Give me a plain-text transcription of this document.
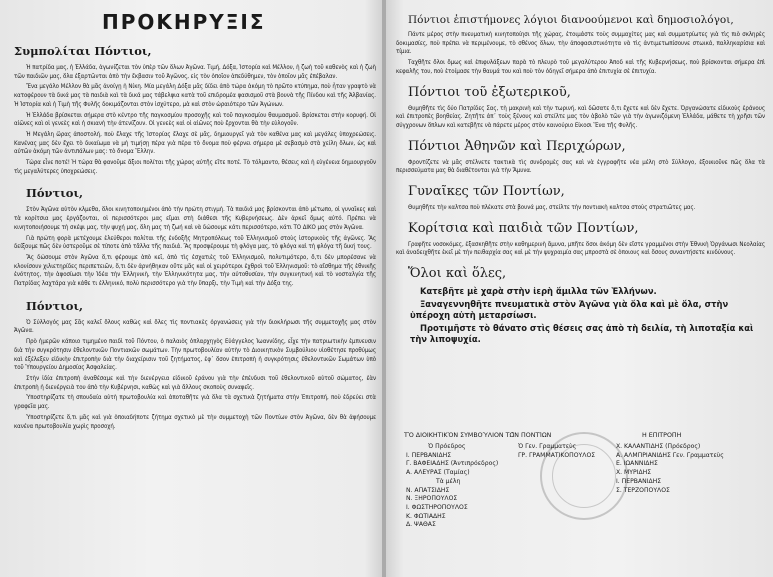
ΠΡΟΚΗΡΥΞΙΣ
Συμπολίται Πόντιοι,

Ἡ πατρίδα μας, ἡ Ἑλλάδα, ἀγωνίζεται τὸν ὑπὲρ τῶν ὅλων Ἀγῶνα. Τιμή, Δόξα, Ἱστορία καὶ Μέλλον, ἡ ζωὴ τοῦ καθενὸς καὶ ἡ ζωὴ τῶν παιδιῶν μας, ὅλα ἐξαρτῶνται ἀπὸ τὴν ἔκβασιν τοῦ Ἀγῶνος, εἰς τὸν ὁποῖον ἀπεδύθημεν, τὸν ὁποῖον μᾶς ἐπέβαλαν.

Ἕνα μεγάλο Μέλλον θὰ μᾶς ἀνοίγῃ ἡ Νίκη. Μία μεγάλη Δόξα μᾶς δίδει ἀπὸ τώρα ἀκόμη τὸ πρῶτο κτύπημα, ποὺ ἦταν γραφτὸ νὰ κατοφέρουν τὰ δικά μας τὰ παιδιὰ καὶ τὰ δικά μας τάβελφια κατὰ τοῦ επιδρομέα φασισμοῦ στὰ βουνὰ τῆς Πίνδου καὶ τῆς Ἀλβανίας. Ἡ Ἱστορία καὶ ἡ Τιμὴ τῆς Φυλῆς δοκιμάζονται στὸν ἰσχύτερο, μὰ καὶ στὸν ὡραιότερο τῶν Ἀγώνων.

Ἡ Ἑλλάδα βρίσκεται σήμερα στὸ κέντρο τῆς παγκοσμίου προσοχῆς καὶ τοῦ παγκοσμίου θαυμασμοῦ. Βρίσκεται στὴν κορυφή. Οἱ αἰῶνες καὶ οἱ γενεὲς καὶ ἡ σκιανὴ τὴν ἀτενίζουν. Οἱ γενεὲς καὶ οἱ αἰῶνες ποὺ ἔρχονται θὰ τὴν εὐλογοῦν.

Ἡ Μεγάλη ὥρας ἀποστολή, ποὺ ἔλαχε τῆς Ἱστορίας ἔλαχε σὲ μᾶς, δημιουργεῖ γιὰ τὸν καθένα μας καὶ μεγάλες ὑποχρεώσεις. Κανένας μας δὲν ἔχει τὸ δικαίωμα νὰ μὴ τιμήσῃ πέρα γιὰ πέρα τὸ ὄνομα ποὺ φέρνει σήμερα μὲ σεβασμὸ στὰ χείλη ὅλων, ὡς καὶ αὐτῶν ἀκόμη τῶν ἀντιπάλων μας: τὸ ὄνομα Ἕλλην.

Τώρα εἶνε ποτέ! Ἡ τώρα θὰ φανοῦμε ἄξιοι πολίται τῆς χώρας αὐτῆς εἴτε ποτέ. Τὸ τόλμαντο, θέσεις καὶ ἡ εὐγένεια δημιουργοῦν τὶς μεγαλύτερες ὑποχρεώσεις.

Πόντιοι,

Στὸν Ἀγῶνα αὐτὸν κλμεθα, ὅλοι κινητοποιημένοι ἀπὸ τὴν πρώτη στιγμὴ. Τὰ παιδιά μας βρίσκονται ἀπὸ μέτωπο, οἱ γυναῖκες καὶ τὰ κορίτσια μας ἐργάζονται, οἱ περισσότεροι μας εἴμαι στὴ διάθεσι τῆς Κυβερνήσεως. Δὲν ἀρκεῖ ὅμως αὐτό. Πρέπει νὰ κινητοποιήσουμε τὴ σκέψι μας, τὴν ψυχή μας, ὅλη μας τὴ ζωή καὶ νὰ δώσουμε κάτι περισσότερο, κάτι ΤΟ ΔΙΚΟ μας στὸν Ἀγῶνα.

Γιὰ πρώτη φορὰ μετέχουμε ἐλεύθεροι πολίται τῆς ἐνδοξῆς Μητροπόλεως τοῦ Ἑλληνισμοῦ στοὺς ἱστορικοὺς τῆς ἀγῶνες. Ἂς δείξουμε πῶς δὲν ὑστεροῦμε σὲ τίποτε ἀπὸ τἄλλα τῆς παιδιά. Ἂς προσφέρουμε τὴ φλόγα μας, τὸ φλόγα καὶ τὴ φλόγα τῆ δική τους.

Ἂς δώσουμε στὸν Ἀγῶνα ὅ,τι φέρουμε ἀπὸ κεῖ, ἀπὸ τὶς ἐσχατιὲς τοῦ Ἑλληνισμοῦ, πολυτιμότερο, ὅ,τι δὲν μπορέσανε νὰ κλονίσουν χιλιετηρίδες περιπετειῶν, ὅ,τι δὲν ἀρνήθηκαν οὔτε μᾶς καὶ οἱ χειρότεροι ἐχθροὶ τοῦ Ἑλληνισμοῦ: τὸ αἴσθημα τῆς ἐθνικῆς ἑνότητος, τὴν ἀφοσίωσι τὴν Ἰδέα τὴν Ἑλληνικὴ, τὴν Ἑλληνικότητα μας, τὴν αὐτοθυσίαν, τὴν συγκινητική καὶ τὸ νοσταλγία τῆς Πατρίδας λαχτάρα γιὰ κάθε τι ἑλληνικό, πολὺ περισσότερο γιὰ τὴν ὕπαρξι, τὴν Τιμὴ καὶ τὴν Δόξα της.

Πόντιοι,

Ὁ Σύλλογός μας Σᾶς καλεῖ ὅλους καθὼς καὶ ὅλες τὶς ποντιακὲς ὀργανώσεις γιὰ τὴν διοκλήρωσι τῆς συμμετοχῆς μας στὸν Ἀγῶνα.

Πρὸ ἡμερῶν κάποιο τιμημένο παιδὶ τοῦ Πόντου, ὁ παλαιὸς ὁπλαρχηγὸς Εὐάγγελος Ἰωαννίδης, εἶχε τὴν πατριωτικὴν ἐμπνευσιν διὰ τὴν συγκρότησιν ἐθελοντικῶν Ποντιακῶν σωμάτων. Τὴν πρωτοβουλίαν αὐτὴν τὸ Διοικητικὸν Συμβούλιον υἱοθέτησε προθύμως καὶ ἐξέλεξεν εἰδικὴν ἐπιτροπὴν διὰ τὴν διαχείρισιν τοῦ ζητήματος, ἐφ᾽ ὅσον ἐπιτροπὴ ἡ συγκρότησις ἐθελοντικῶν Σωμάτων ὑπὸ τοῦ Ὑπουργείου Δημοσίας Ἀσφαλείας.

Στὴν ἰδία ἐπιτροπὴ ἀναθέσαμε καὶ τὴν διενέργεια εἰδικοῦ ἐράνου γιὰ τὴν ἐπένδυσι τοῦ ἐθελοντικοῦ αὐτοῦ σώματος, ἐὰν ἐπιτροπὴ ἡ διενέργειὰ του ἀπὸ τὴν Κυβέρνησι, καθὼς καὶ γιὰ ἄλλους σκοποὺς συναφεῖς.

Ὑποστηρίζατε τὴ σπουδαία αὐτὴ πρωτοβουλία καὶ ἀποταθῆτε γιὰ ὅλα τὰ σχετικὰ ζητήματα στὴν Ἐπιτροπή, ποὺ ἑδρεύει στὰ γραφεῖα μας.

Ὑποστηρίζετε ὅ,τι μᾶς καὶ γιὰ ὁποιαδήποτε ζήτημα σχετικὸ μὲ τὴν συμμετοχὴ τῶν Ποντίων στὸν Ἀγῶνα, δὲν θὰ ἀφήσουμε κανένα πρωτοβουλία χωρὶς προσοχή.

Πόντιοι ἐπιστήμονες λόγιοι διανοούμενοι καὶ δημοσιολόγοι,

Πάντε μέρος στὴν πνευματικὴ κινητοποίησι τῆς χώρας, ἑτοιμάστε τοὺς συμμαχίτες μας καὶ συμματρίωτες γιὰ τὶς πιὸ σκληρὲς δοκιμασίες, ποὺ πρέπει νὰ περιμένουμε, τὸ σθένος ὅλων, τὴν ἀποφασιστικότητα νὰ τὶς ἀντιμετωπίσουνε στωικά, παλληκαρίσια καὶ τίμια.

Ταχθῆτε ὅλοι ὅμως καὶ ἐπιφυλάξεων παρὰ τὸ πλευρὸ τοῦ μεγαλύτερου Ἀποδ καὶ τῆς Κυβερνήσεως, ποὺ βρίσκονται σήμερα ἐπὶ κεφαλῆς του, ποὺ ἐτοίμασε τὴν θαυμά του καὶ ποὺ τὸν ὁδηγεῖ σήμερα ἀπὸ ἐπιτυχία σὲ ἐπιτυχία.

Πόντιοι τοῦ ἐξωτερικοῦ,

Θυμηθῆτε τὶς δύο Πατρίδες Σας, τὴ μακρινὴ καὶ τὴν τωρινή, καὶ δῶσατε ὅ,τι ἔχετε καὶ δὲν ἔχετε. Ὀργανώσατε εἰδικοὺς ἐράνους καὶ ἐπιτροπὲς βοηθείας. Ζητῆτε ἀπ᾽ τοὺς ξένους καὶ στείλτε μας τὸν ἀβολὸ τῶν γιὰ τὴν ἀγωνιζόμενη Ἑλλάδα, μάθετε τὴ χρῆσι τῶν σύγχρονων ὅπλων καὶ κατεβῆτε νὰ πάρετε μέρος στὸν καινούριο Εἰκοσι Ἕνα τῆς Φυλῆς.

Πόντιοι Ἀθηνῶν καὶ Περιχώρων,

Φροντίζετε νὰ μᾶς στέλνετε τακτικὰ τὶς συνδρομὲς σας καὶ νὰ ἐγγραφῆτε νέα μέλη στὸ Σύλλογο, ἐξοικιοῦνε πῶς ὅλα τὰ περισσεύματα μας θὰ διαθέτονται γιὰ τὴν Ἄμυνα.

Γυναῖκες τῶν Ποντίων,

Θυμηθῆτε τὴν καλτσα ποὺ πλέκατε στὰ βουνά μας, στείλτε τὴν ποντιακὴ καλτσα στοὺς στρατιῶτες μας.

Κορίτσια καὶ παιδιὰ τῶν Ποντίων,

Γραφῆτε νοσοκόμες, ἐξασκηθῆτε στὴν καθημερινὴ ἄμυνα, μπῆτε ὅσοι ἀκόμη δὲν εἴστε γραμμένοι στὴν Ἐθνικὴ Ὀργάνωσι Νεολαίας καὶ ἀναδειχθῆτε ἐκεῖ μὲ τὴν πειθαρχία σας καὶ μὲ τὴν ψυχραιμία σας μπροστὰ σὲ ὁποιους καὶ ὅσους συναντήσετε κινδύνους.

Ὅλοι καὶ ὅλες,
Κατεβῆτε μὲ χαρὰ στὴν ἱερὴ ἅμιλλα τῶν Ἑλλήνων.
Ξαναγεννηθῆτε πνευματικὰ στὸν Ἀγῶνα γιὰ ὅλα καὶ μὲ ὅλα, στὴν ὑπέροχη αὐτὴ μεταρσίωσι.
Προτιμῆστε τὸ θάνατο στὶς θέσεις σας ἀπὸ τὴ δειλία, τὴ λιποταξία καὶ τὴν λιποψυχία.
ΤῸ ΔΙΟΙΚΗΤΙΚῸΝ ΣΥΜΒΟΎΛΙΟΝ ΤΩ͂Ν ΠΟΝΤΊΩΝ
Ὁ Πρόεδρος	Ὁ Γεν. Γραμματεὺς
Ι. ΠΕΡΒΑΝΙΔΗΣ	ΓΡ. ΓΡΑΜΜΑΤΙΚΟΠΟΥΛΟΣ
Γ. ΒΑΦΕΙΑΔΗΣ (Ἀντιπρόεδρος)
Α. ΑΛΕΥΡΑΣ (Ταμίας)
Τὰ μέλη
Ν. ΑΠΑΤΣΙΔΗΣ
Ν. ΞΗΡΟΠΟΥΛΟΣ
Ι. ΦΩΣΤΗΡΟΠΟΥΛΟΣ
Κ. ΦΩΤΙΑΔΗΣ
Δ. ΨΑΘΑΣ
Η ΕΠΙΤΡΟΠΗ
Χ. ΚΑΛΑΝΤΙΔΗΣ (Πρόεδρος)
Α. ΑΛΜΠΡΙΑΝΙΔΗΣ Γεν. Γραμματεὺς
Ε. ΙΩΑΝΝΙΔΗΣ
Χ. ΜΥΡΙΔΗΣ
Ι. ΠΕΡΒΑΝΙΔΗΣ
Σ. ΤΕΡΖΟΠΟΥΛΟΣ
